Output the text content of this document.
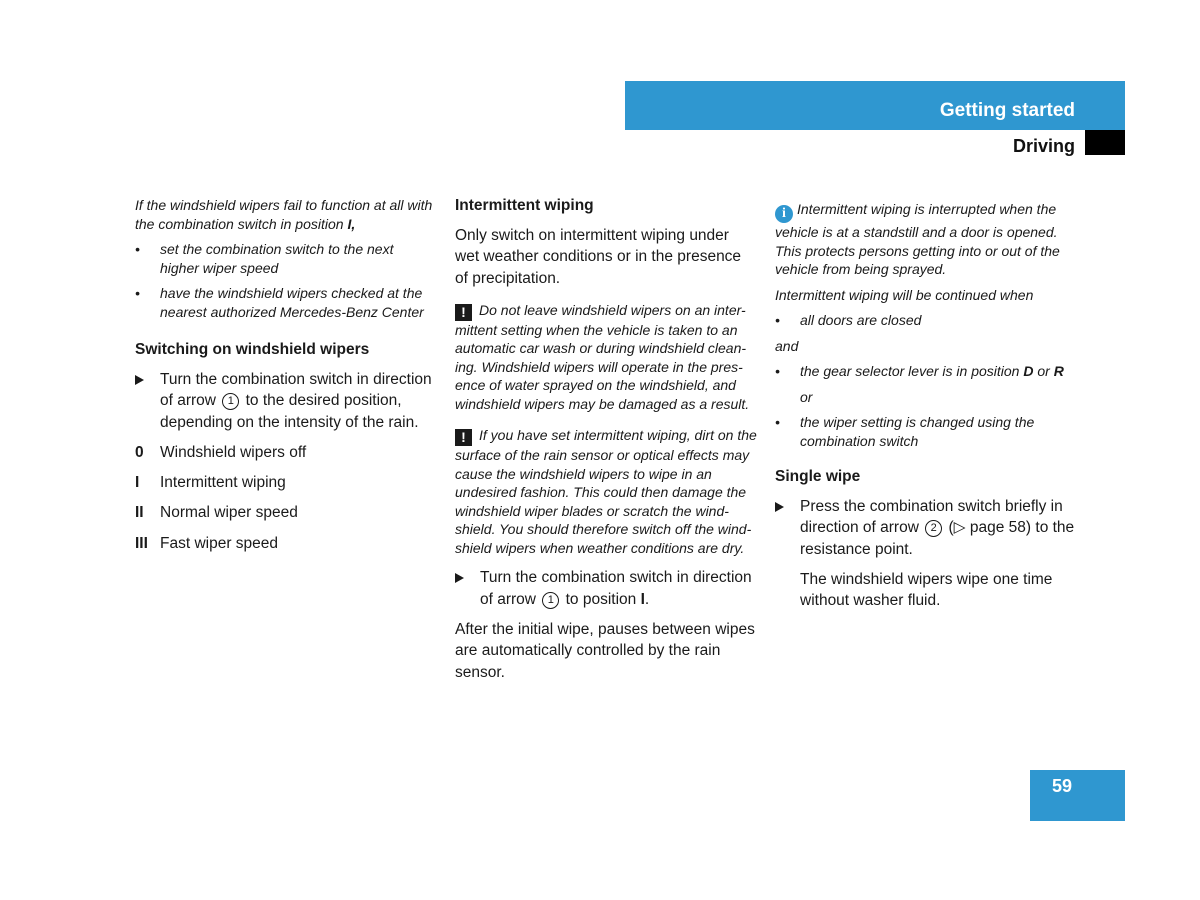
Getting started
Driving

If the windshield wipers fail to function at all with the combination switch in position I,

• set the combination switch to the next higher wiper speed
• have the windshield wipers checked at the nearest authorized Mercedes-Benz Center

Switching on windshield wipers

Turn the combination switch in direction of arrow 1 to the desired position, depending on the intensity of the rain.
0 Windshield wipers off
I Intermittent wiping
II Normal wiper speed
III Fast wiper speed

Intermittent wiping

Only switch on intermittent wiping under wet weather conditions or in the presence of precipitation.

! Do not leave windshield wipers on an inter-mittent setting when the vehicle is taken to an automatic car wash or during windshield clean-ing. Windshield wipers will operate in the pres-ence of water sprayed on the windshield, and windshield wipers may be damaged as a result.

! If you have set intermittent wiping, dirt on the surface of the rain sensor or optical effects may cause the windshield wipers to wipe in an undesired fashion. This could then damage the windshield wiper blades or scratch the wind-shield. You should therefore switch off the wind-shield wipers when weather conditions are dry.

Turn the combination switch in direction of arrow 1 to position I.

After the initial wipe, pauses between wipes are automatically controlled by the rain sensor.

i Intermittent wiping is interrupted when the vehicle is at a standstill and a door is opened. This protects persons getting into or out of the vehicle from being sprayed.

Intermittent wiping will be continued when

• all doors are closed

and

• the gear selector lever is in position D or R

or

• the wiper setting is changed using the combination switch

Single wipe

Press the combination switch briefly in direction of arrow 2 (▷ page 58) to the resistance point.

The windshield wipers wipe one time without washer fluid.

59
